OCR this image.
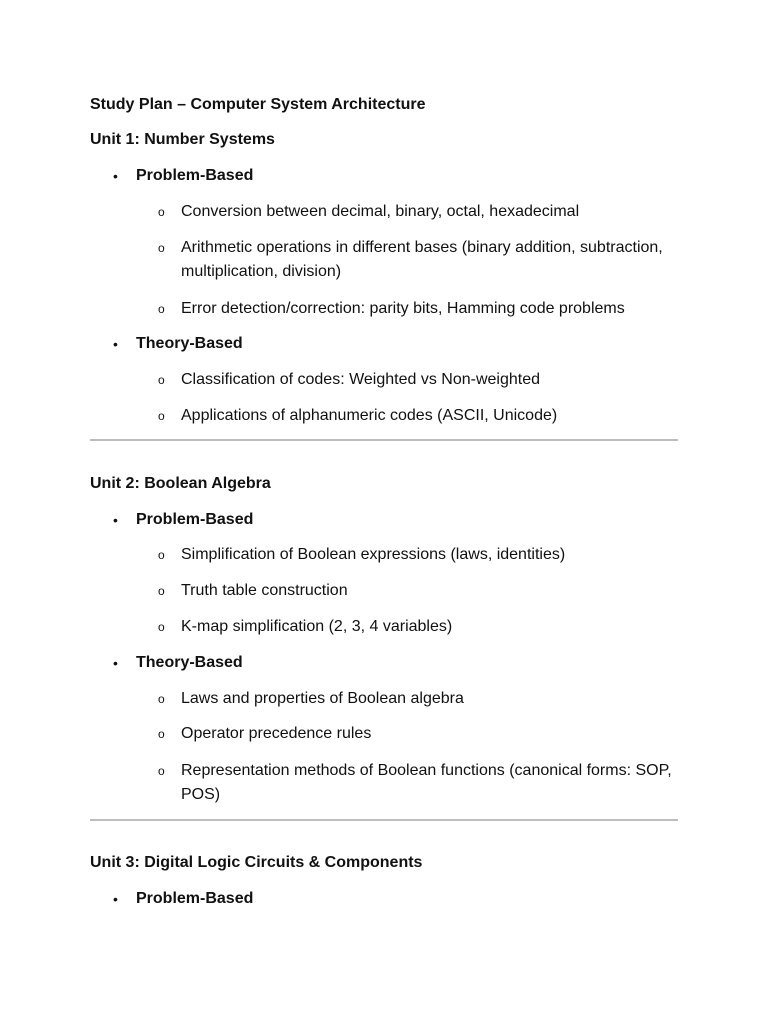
Study Plan – Computer System Architecture
Unit 1: Number Systems
• Problem-Based
o Conversion between decimal, binary, octal, hexadecimal
o Arithmetic operations in different bases (binary addition, subtraction,
multiplication, division)
o Error detection/correction: parity bits, Hamming code problems
• Theory-Based
o Classification of codes: Weighted vs Non-weighted
o Applications of alphanumeric codes (ASCII, Unicode)
Unit 2: Boolean Algebra
• Problem-Based
o Simplification of Boolean expressions (laws, identities)
o Truth table construction
o K-map simplification (2, 3, 4 variables)
• Theory-Based
o Laws and properties of Boolean algebra
o Operator precedence rules
o Representation methods of Boolean functions (canonical forms: SOP,
POS)
Unit 3: Digital Logic Circuits & Components
• Problem-Based
